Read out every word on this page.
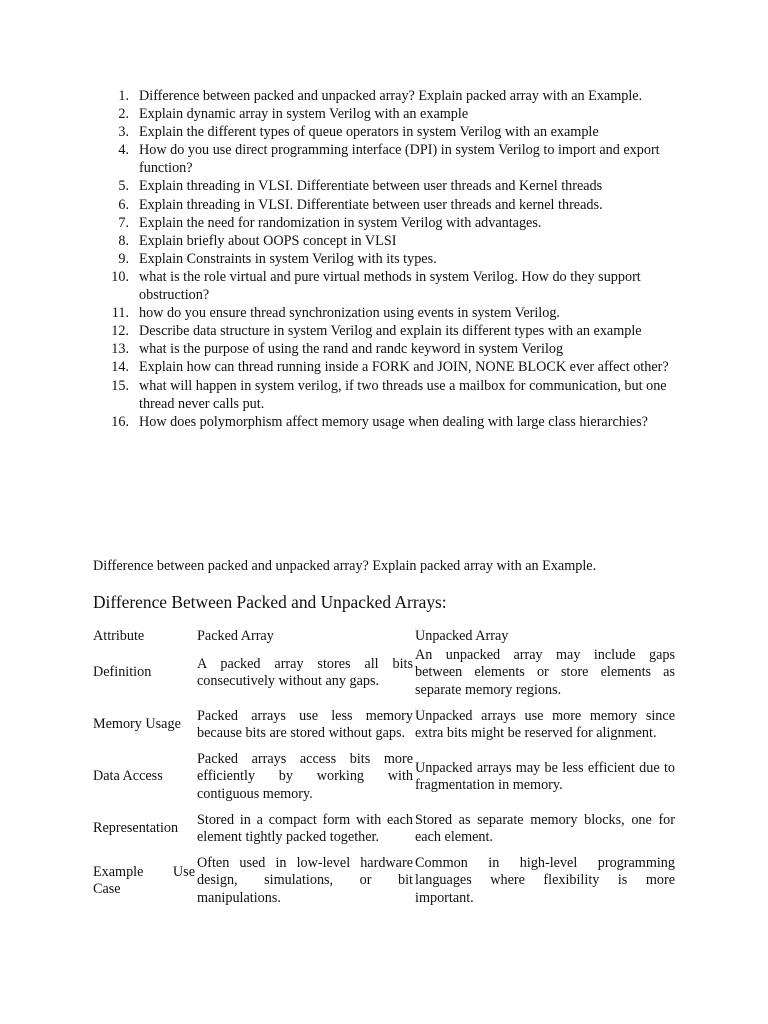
1. Difference between packed and unpacked array? Explain packed array with an Example.
2. Explain dynamic array in system Verilog with an example
3. Explain the different types of queue operators in system Verilog with an example
4. How do you use direct programming interface (DPI) in system Verilog to import and export function?
5. Explain threading in VLSI. Differentiate between user threads and Kernel threads
6. Explain threading in VLSI. Differentiate between user threads and kernel threads.
7. Explain the need for randomization in system Verilog with advantages.
8. Explain briefly about OOPS concept in VLSI
9. Explain Constraints in system Verilog with its types.
10. what is the role virtual and pure virtual methods in system Verilog. How do they support obstruction?
11. how do you ensure thread synchronization using events in system Verilog.
12. Describe data structure in system Verilog and explain its different types with an example
13. what is the purpose of using the rand and randc keyword in system Verilog
14. Explain how can thread running inside a FORK and JOIN, NONE BLOCK ever affect other?
15. what will happen in system verilog, if two threads use a mailbox for communication, but one thread never calls put.
16. How does polymorphism affect memory usage when dealing with large class hierarchies?
Difference between packed and unpacked array? Explain packed array with an Example.
Difference Between Packed and Unpacked Arrays:
Attribute	Packed Array	Unpacked Array
Definition	A packed array stores all bits consecutively without any gaps.	An unpacked array may include gaps between elements or store elements as separate memory regions.
Memory Usage	Packed arrays use less memory because bits are stored without gaps.	Unpacked arrays use more memory since extra bits might be reserved for alignment.
Data Access	Packed arrays access bits more efficiently by working with contiguous memory.	Unpacked arrays may be less efficient due to fragmentation in memory.
Representation	Stored in a compact form with each element tightly packed together.	Stored as separate memory blocks, one for each element.
Example Use Case	Often used in low-level hardware design, simulations, or bit manipulations.	Common in high-level programming languages where flexibility is more important.
